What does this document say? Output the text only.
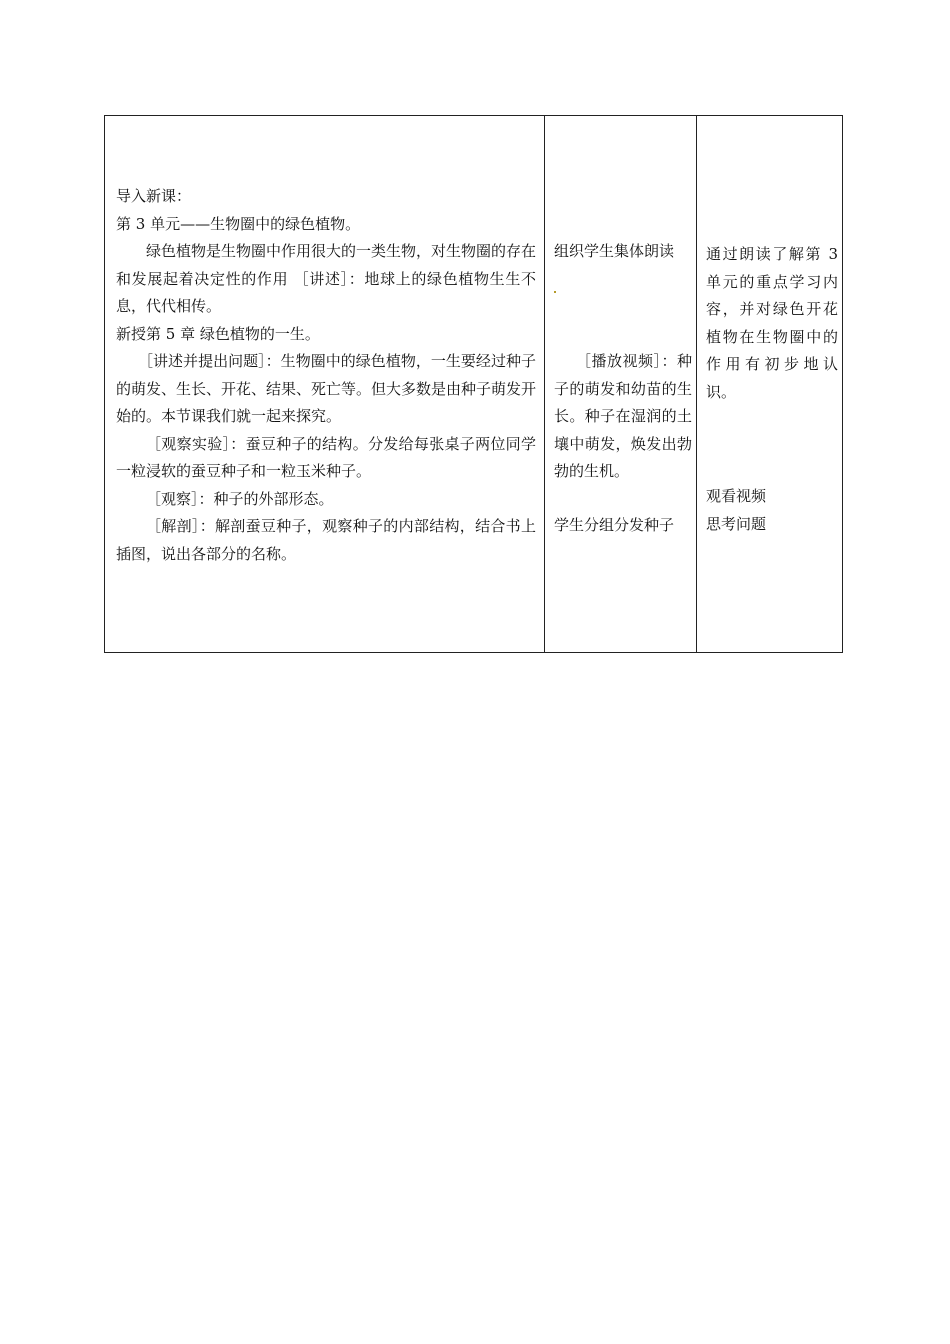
导入新课：

第 3 单元——生物圈中的绿色植物。

绿色植物是生物圈中作用很大的一类生物，对生物圈的存在和发展起着决定性的作用 ［讲述］：地球上的绿色植物生生不息，代代相传。

新授第 5 章 绿色植物的一生。

［讲述并提出问题］：生物圈中的绿色植物，一生要经过种子的萌发、生长、开花、结果、死亡等。但大多数是由种子萌发开始的。本节课我们就一起来探究。

［观察实验］：蚕豆种子的结构。分发给每张桌子两位同学一粒浸软的蚕豆种子和一粒玉米种子。

［观察］：种子的外部形态。

［解剖］：解剖蚕豆种子，观察种子的内部结构，结合书上插图，说出各部分的名称。

组织学生集体朗读

［播放视频］：种子的萌发和幼苗的生长。种子在湿润的土壤中萌发，焕发出勃勃的生机。

学生分组分发种子

通过朗读了解第 3 单元的重点学习内容，并对绿色开花植物在生物圈中的作用有初步地认识。

观看视频

思考问题
